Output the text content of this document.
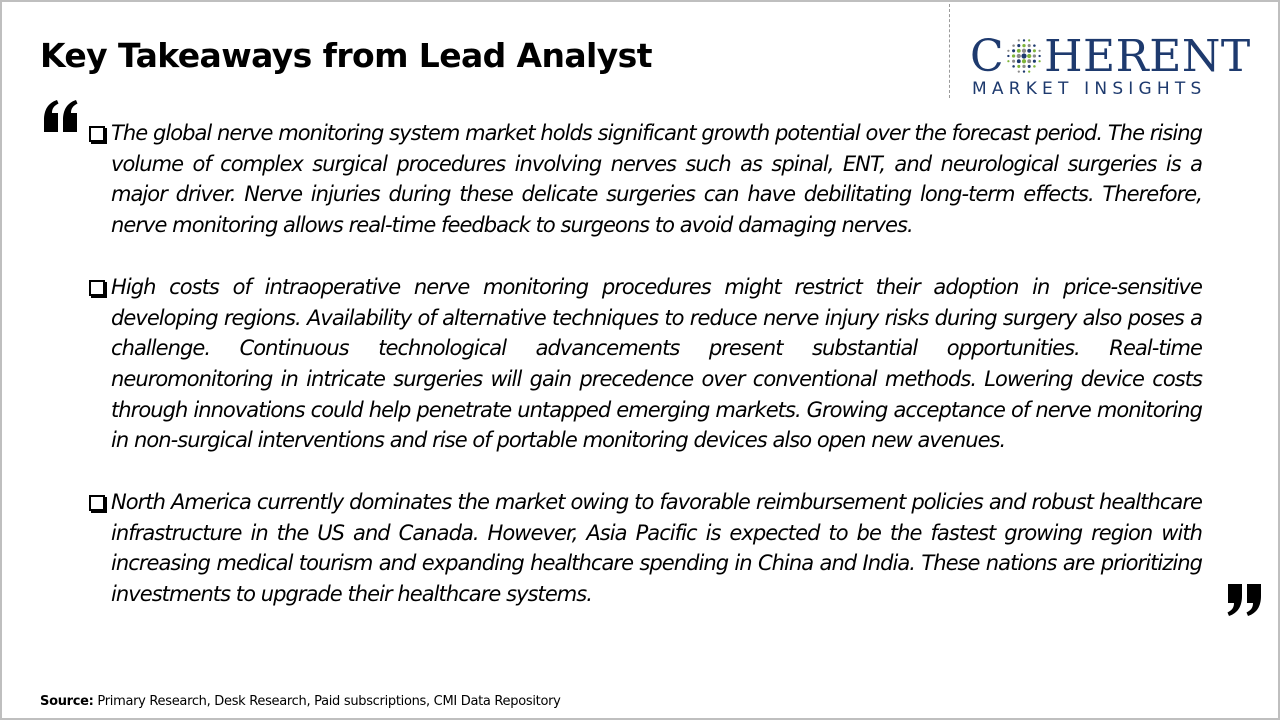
Key Takeaways from Lead Analyst	C HERENT
MARKET INSIGHTS
The global nerve monitoring system market holds significant growth potential over the forecast period. The rising volume of complex surgical procedures involving nerves such as spinal, ENT, and neurological surgeries is a major driver. Nerve injuries during these delicate surgeries can have debilitating long-term effects. Therefore, nerve monitoring allows real-time feedback to surgeons to avoid damaging nerves.
High costs of intraoperative nerve monitoring procedures might restrict their adoption in price-sensitive developing regions. Availability of alternative techniques to reduce nerve injury risks during surgery also poses a challenge. Continuous technological advancements present substantial opportunities. Real-time neuromonitoring in intricate surgeries will gain precedence over conventional methods. Lowering device costs through innovations could help penetrate untapped emerging markets. Growing acceptance of nerve monitoring in non-surgical interventions and rise of portable monitoring devices also open new avenues.
North America currently dominates the market owing to favorable reimbursement policies and robust healthcare infrastructure in the US and Canada. However, Asia Pacific is expected to be the fastest growing region with increasing medical tourism and expanding healthcare spending in China and India. These nations are prioritizing investments to upgrade their healthcare systems.
Source: Primary Research, Desk Research, Paid subscriptions, CMI Data Repository
